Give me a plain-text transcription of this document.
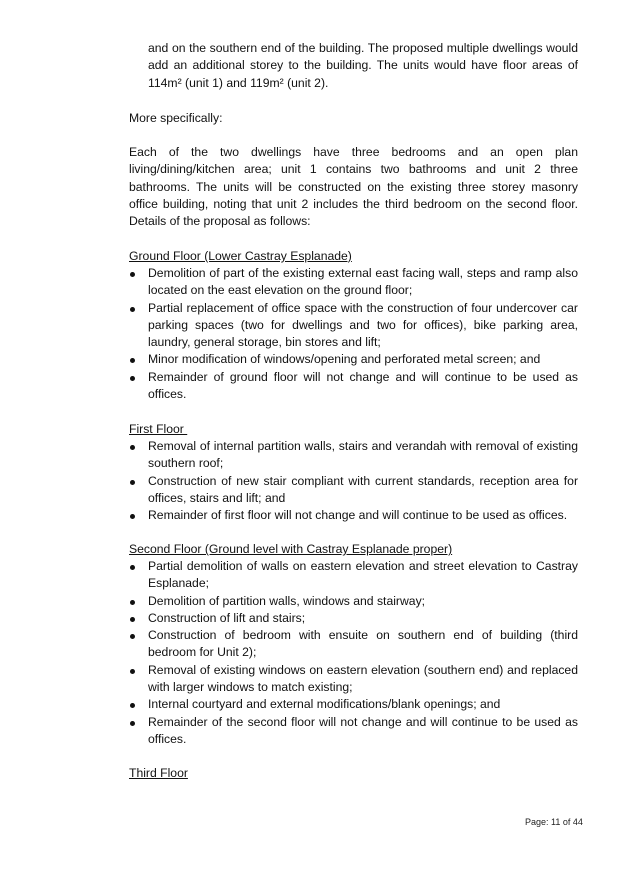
and on the southern end of the building. The proposed multiple dwellings would add an additional storey to the building. The units would have floor areas of 114m² (unit 1) and 119m² (unit 2).

More specifically:

Each of the two dwellings have three bedrooms and an open plan living/dining/kitchen area; unit 1 contains two bathrooms and unit 2 three bathrooms. The units will be constructed on the existing three storey masonry office building, noting that unit 2 includes the third bedroom on the second floor. Details of the proposal as follows:

Ground Floor (Lower Castray Esplanade)

Demolition of part of the existing external east facing wall, steps and ramp also located on the east elevation on the ground floor;
Partial replacement of office space with the construction of four undercover car parking spaces (two for dwellings and two for offices), bike parking area, laundry, general storage, bin stores and lift;
Minor modification of windows/opening and perforated metal screen; and
Remainder of ground floor will not change and will continue to be used as offices.

First Floor

Removal of internal partition walls, stairs and verandah with removal of existing southern roof;
Construction of new stair compliant with current standards, reception area for offices, stairs and lift; and
Remainder of first floor will not change and will continue to be used as offices.

Second Floor (Ground level with Castray Esplanade proper)

Partial demolition of walls on eastern elevation and street elevation to Castray Esplanade;
Demolition of partition walls, windows and stairway;
Construction of lift and stairs;
Construction of bedroom with ensuite on southern end of building (third bedroom for Unit 2);
Removal of existing windows on eastern elevation (southern end) and replaced with larger windows to match existing;
Internal courtyard and external modifications/blank openings; and
Remainder of the second floor will not change and will continue to be used as offices.

Third Floor

Page: 11 of 44
